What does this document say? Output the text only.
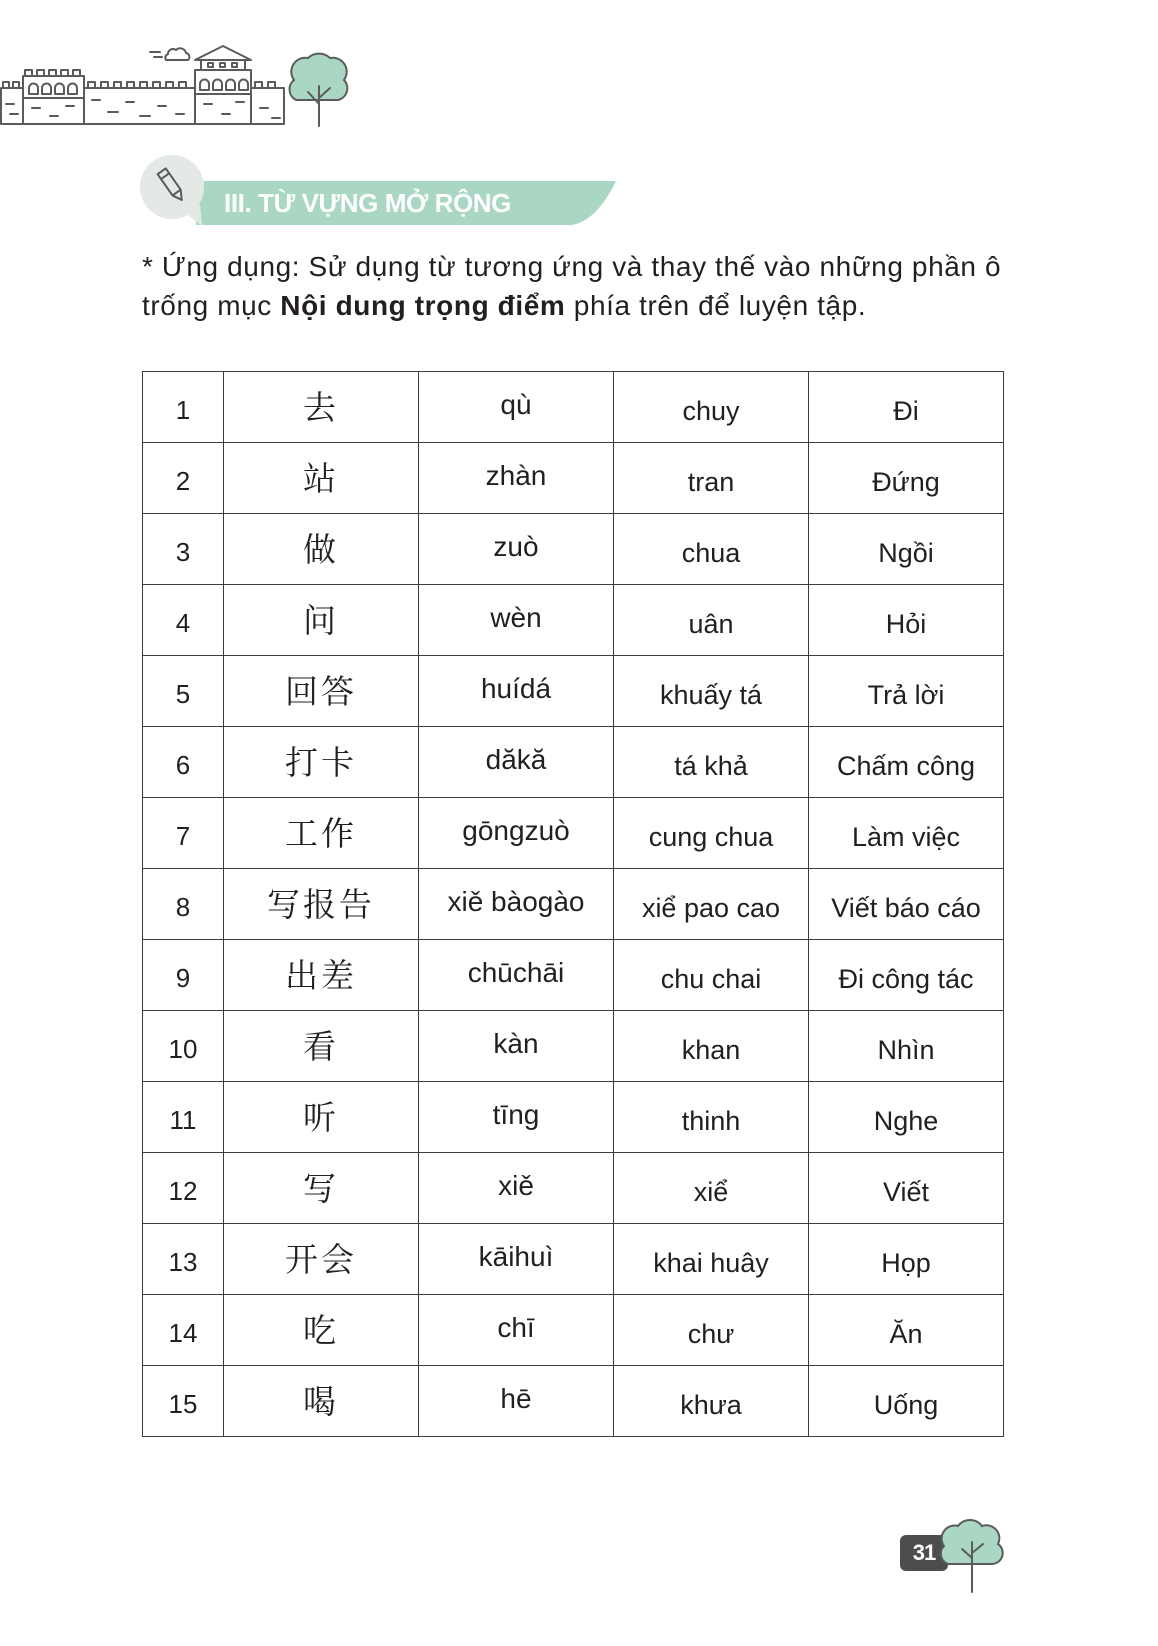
III. TỪ VỰNG MỞ RỘNG
* Ứng dụng: Sử dụng từ tương ứng và thay thế vào những phần ô
trống mục Nội dung trọng điểm phía trên để luyện tập.
1	去	qù	chuy	Đi
2	站	zhàn	tran	Đứng
3	做	zuò	chua	Ngồi
4	问	wèn	uân	Hỏi
5	回答	huídá	khuấy tá	Trả lời
6	打卡	dăkă	tá khả	Chấm công
7	工作	gōngzuò	cung chua	Làm việc
8	写报告	xiě bàogào	xiể pao cao	Viết báo cáo
9	出差	chūchāi	chu chai	Đi công tác
10	看	kàn	khan	Nhìn
11	听	tīng	thinh	Nghe
12	写	xiě	xiể	Viết
13	开会	kāihuì	khai huây	Họp
14	吃	chī	chư	Ăn
15	喝	hē	khưa	Uống
31
